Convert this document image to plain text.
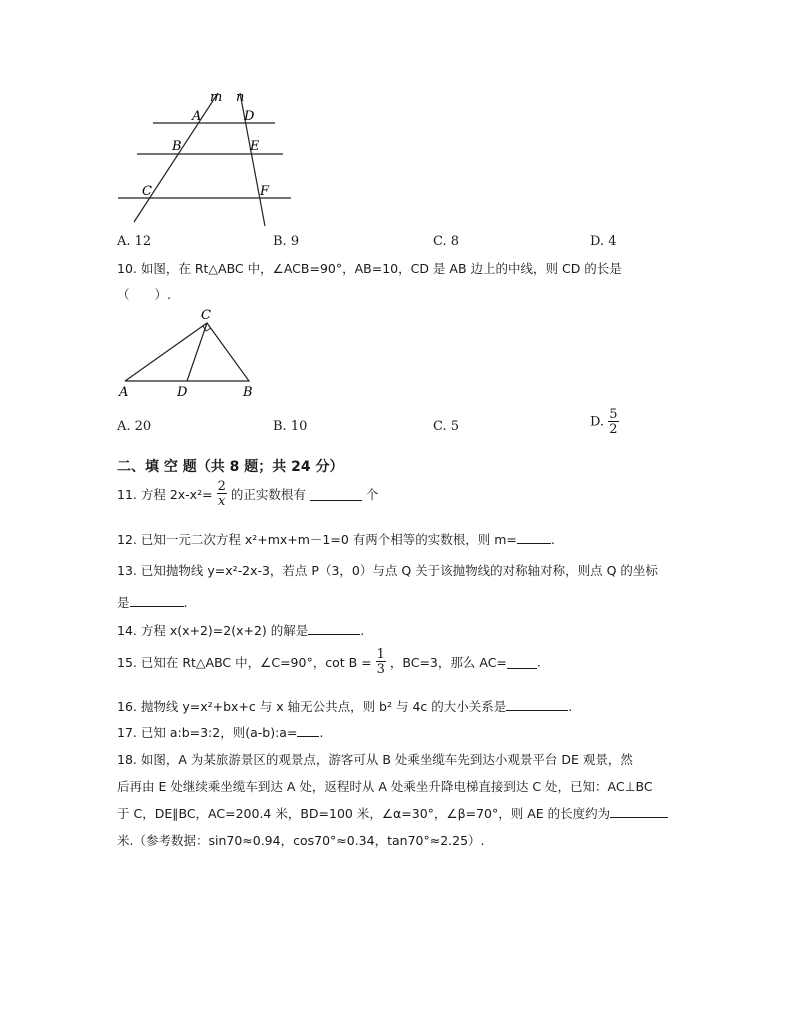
m n
A	D
B	E
C	F
A. 12	B. 9	C. 8	D. 4
10. 如图，在 Rt△ABC 中，∠ACB=90°，AB=10，CD 是 AB 边上的中线，则 CD 的长是
（　　）.
C
A	D	B
A. 20	B. 10	C. 5	D. $\frac{5}{2}$
二、填 空 题（共 8 题；共 24 分）
11. 方程 $2x-x^2= \frac{2}{x}$ 的正实数根有	个
12. 已知一元二次方程 x²+mx+m－1=0 有两个相等的实数根，则 m=	.
13. 已知抛物线 y=x²-2x-3，若点 P（3，0）与点 Q 关于该抛物线的对称轴对称，则点 Q 的坐标
是	.
14. 方程 x(x+2)=2(x+2) 的解是	.
15. 已知在 Rt△ABC 中，∠C=90°，$\cot B = \frac{1}{3}$ ，BC=3，那么 AC= .
16. 抛物线 y=x²+bx+c 与 x 轴无公共点，则 b² 与 4c 的大小关系是	.
17. 已知 a:b=3:2，则(a-b):a= .
18. 如图，A 为某旅游景区的观景点，游客可从 B 处乘坐缆车先到达小观景平台 DE 观景，然
后再由 E 处继续乘坐缆车到达 A 处，返程时从 A 处乘坐升降电梯直接到达 C 处，已知：AC⊥BC
于 C，DE∥BC，AC=200.4 米，BD=100 米，∠α=30°，∠β=70°，则 AE 的长度约为
米.（参考数据：sin70≈0.94，cos70°≈0.34，tan70°≈2.25）.
